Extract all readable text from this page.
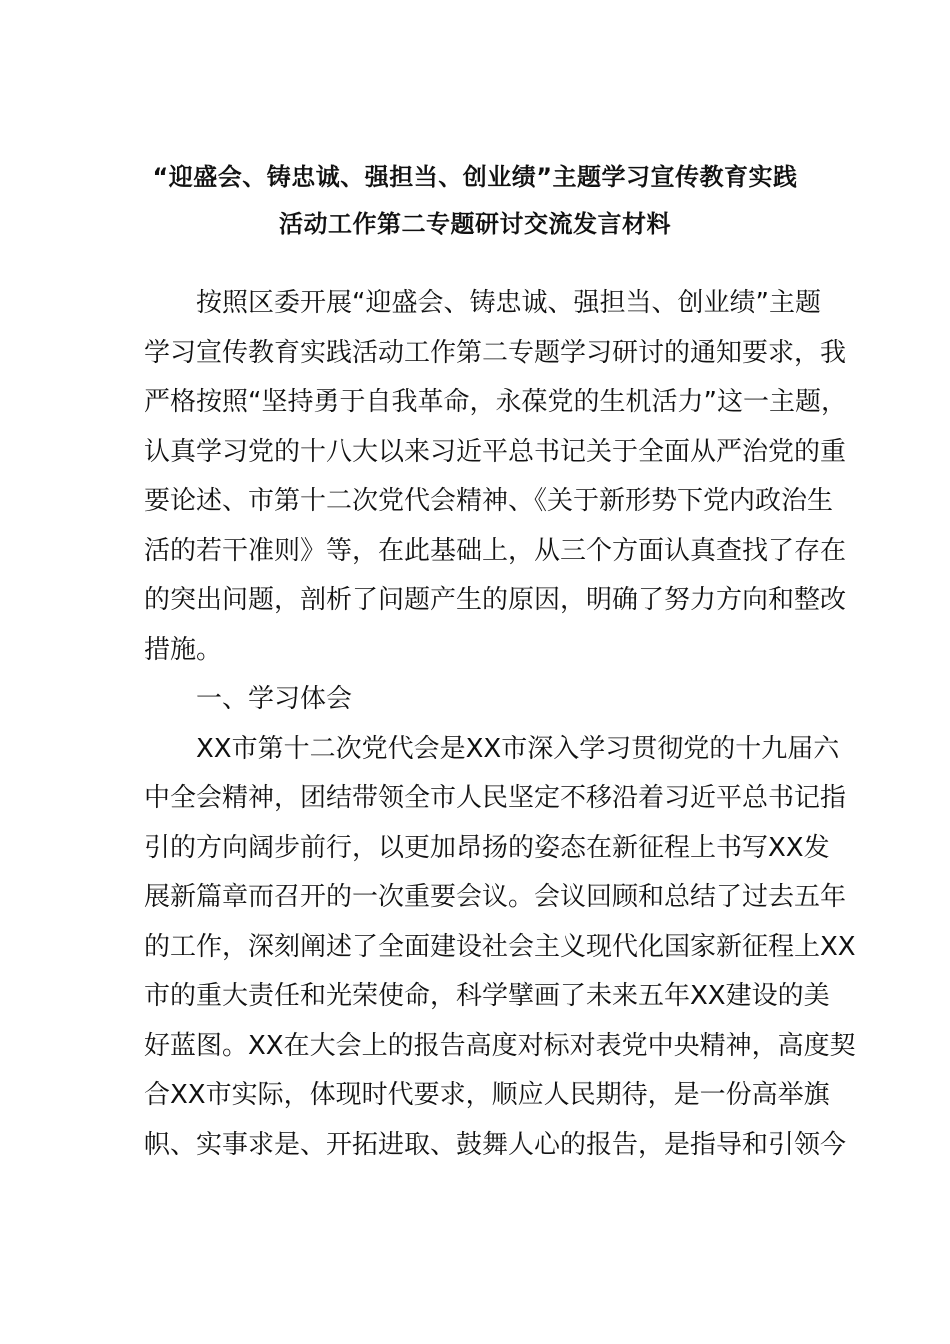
“迎盛会、铸忠诚、强担当、创业绩”主题学习宣传教育实践
活动工作第二专题研讨交流发言材料
按照区委开展“迎盛会、铸忠诚、强担当、创业绩”主题
学习宣传教育实践活动工作第二专题学习研讨的通知要求，我
严格按照“坚持勇于自我革命，永葆党的生机活力”这一主题，
认真学习党的十八大以来习近平总书记关于全面从严治党的重
要论述、市第十二次党代会精神、《关于新形势下党内政治生
活的若干准则》等，在此基础上，从三个方面认真查找了存在
的突出问题，剖析了问题产生的原因，明确了努力方向和整改
措施。
一、学习体会
XX市第十二次党代会是XX市深入学习贯彻党的十九届六
中全会精神，团结带领全市人民坚定不移沿着习近平总书记指
引的方向阔步前行，以更加昂扬的姿态在新征程上书写XX发
展新篇章而召开的一次重要会议。会议回顾和总结了过去五年
的工作，深刻阐述了全面建设社会主义现代化国家新征程上XX
市的重大责任和光荣使命，科学擘画了未来五年XX建设的美
好蓝图。XX在大会上的报告高度对标对表党中央精神，高度契
合XX市实际，体现时代要求，顺应人民期待，是一份高举旗
帜、实事求是、开拓进取、鼓舞人心的报告，是指导和引领今
